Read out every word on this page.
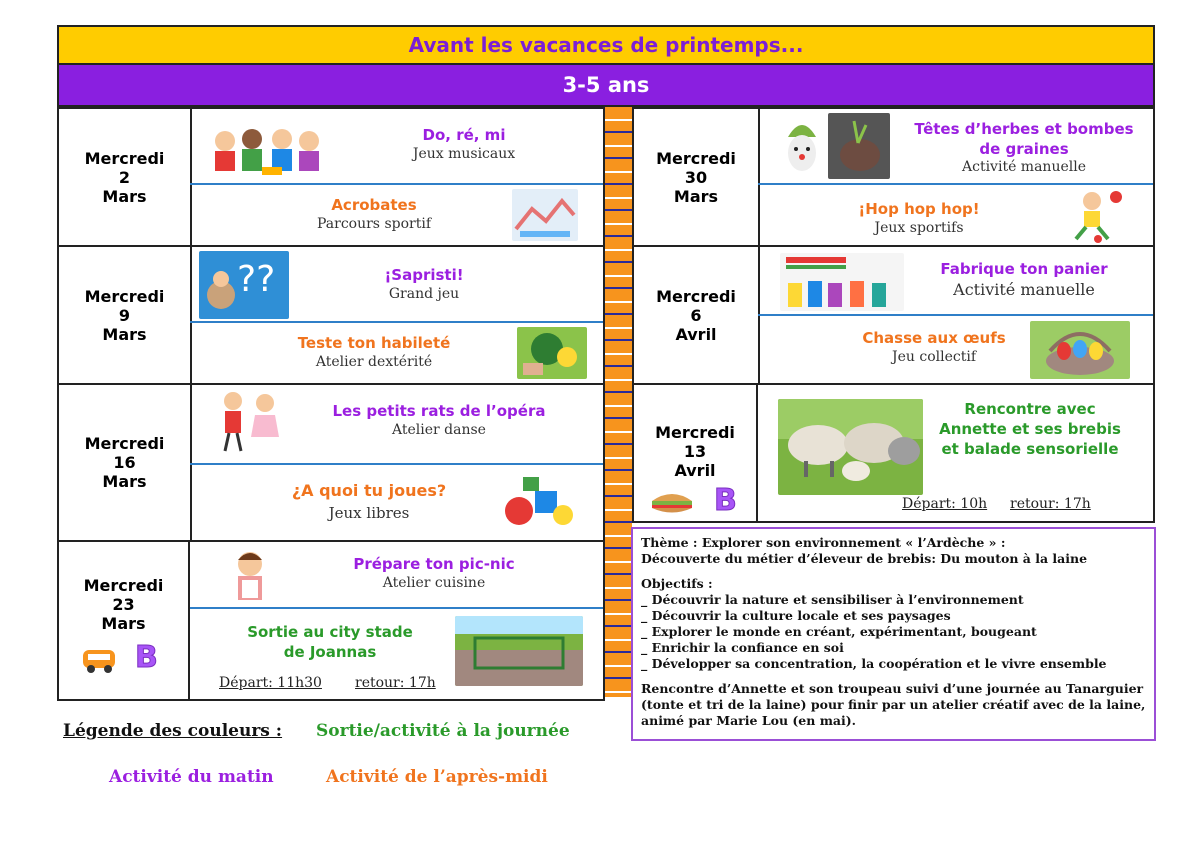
Avant les vacances de printemps...
3-5 ans
Mercredi
2
Mars
Do, ré, mi
Jeux musicaux
Acrobates
Parcours sportif
Mercredi
9
Mars
??	¡Sapristi!
Grand jeu
Teste ton habileté
Atelier dextérité
Mercredi
16
Mars
Les petits rats de l’opéra
Atelier danse
¿A quoi tu joues?
Jeux libres
Mercredi
23
Mars
B
Prépare ton pic-nic
Atelier cuisine
Sortie au city stade
de Joannas
Départ: 11h30 retour: 17h
Mercredi
30
Mars
Têtes d’herbes et bombes
de graines
Activité manuelle
¡Hop hop hop!
Jeux sportifs
Mercredi
6
Avril
Fabrique ton panier
Activité manuelle
Chasse aux œufs
Jeu collectif
Mercredi
13
Avril
B
Rencontre avec
Annette et ses brebis
et balade sensorielle
Départ: 10h retour: 17h

Thème : Explorer son environnement « l’Ardèche » :

Découverte du métier d’éleveur de brebis: Du mouton à la laine

Objectifs :

_ Découvrir la nature et sensibiliser à l’environnement

_ Découvrir la culture locale et ses paysages

_ Explorer le monde en créant, expérimentant, bougeant

_ Enrichir la confiance en soi

_ Développer sa concentration, la coopération et le vivre ensemble

Rencontre d’Annette et son troupeau suivi d’une journée au Tanarguier (tonte et tri de la laine) pour finir par un atelier créatif avec de la laine, animé par Marie Lou (en mai).

Légende des couleurs : Sortie/activité à la journée
Activité du matin	Activité de l’après-midi
